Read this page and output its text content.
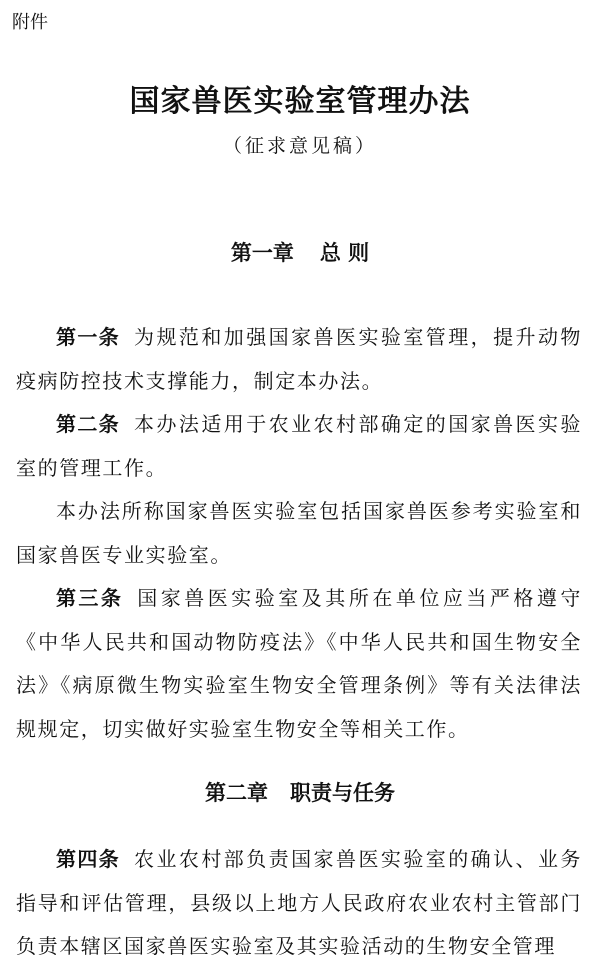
附件
国家兽医实验室管理办法
（征求意见稿）
第一章 总 则

第一条 为规范和加强国家兽医实验室管理，提升动物疫病防控技术支撑能力，制定本办法。

第二条 本办法适用于农业农村部确定的国家兽医实验室的管理工作。

本办法所称国家兽医实验室包括国家兽医参考实验室和国家兽医专业实验室。

第三条 国家兽医实验室及其所在单位应当严格遵守《中华人民共和国动物防疫法》《中华人民共和国生物安全法》《病原微生物实验室生物安全管理条例》等有关法律法规规定，切实做好实验室生物安全等相关工作。

第二章 职责与任务

第四条 农业农村部负责国家兽医实验室的确认、业务指导和评估管理，县级以上地方人民政府农业农村主管部门负责本辖区国家兽医实验室及其实验活动的生物安全管理
